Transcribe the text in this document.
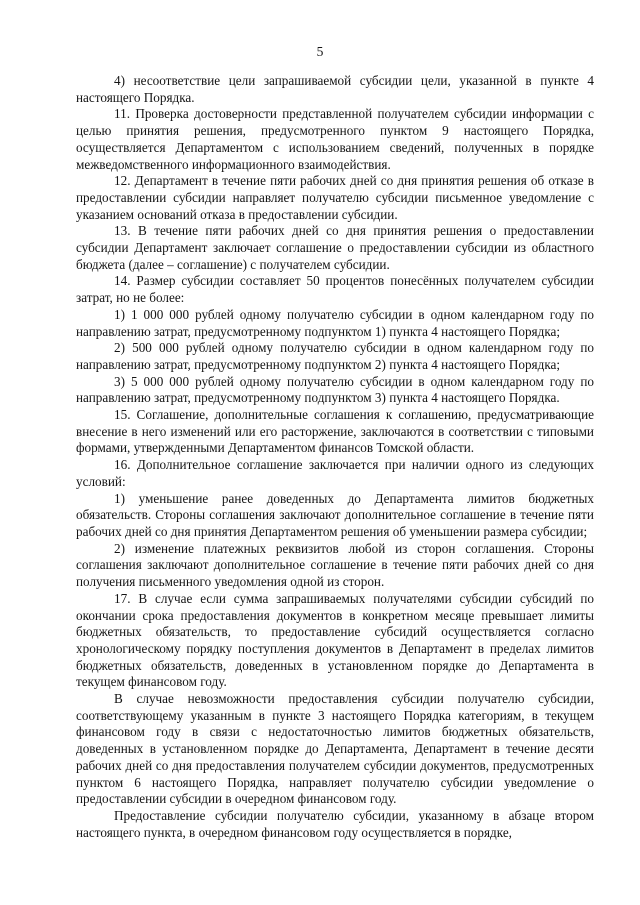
5

4) несоответствие цели запрашиваемой субсидии цели, указанной в пункте 4 настоящего Порядка.

11. Проверка достоверности представленной получателем субсидии информации с целью принятия решения, предусмотренного пунктом 9 настоящего Порядка, осуществляется Департаментом с использованием сведений, полученных в порядке межведомственного информационного взаимодействия.

12. Департамент в течение пяти рабочих дней со дня принятия решения об отказе в предоставлении субсидии направляет получателю субсидии письменное уведомление с указанием оснований отказа в предоставлении субсидии.

13. В течение пяти рабочих дней со дня принятия решения о предоставлении субсидии Департамент заключает соглашение о предоставлении субсидии из областного бюджета (далее – соглашение) с получателем субсидии.

14. Размер субсидии составляет 50 процентов понесённых получателем субсидии затрат, но не более:

1) 1 000 000 рублей одному получателю субсидии в одном календарном году по направлению затрат, предусмотренному подпунктом 1) пункта 4 настоящего Порядка;

2) 500 000 рублей одному получателю субсидии в одном календарном году по направлению затрат, предусмотренному подпунктом 2) пункта 4 настоящего Порядка;

3) 5 000 000 рублей одному получателю субсидии в одном календарном году по направлению затрат, предусмотренному подпунктом 3) пункта 4 настоящего Порядка.

15. Соглашение, дополнительные соглашения к соглашению, предусматривающие внесение в него изменений или его расторжение, заключаются в соответствии с типовыми формами, утвержденными Департаментом финансов Томской области.

16. Дополнительное соглашение заключается при наличии одного из следующих условий:

1) уменьшение ранее доведенных до Департамента лимитов бюджетных обязательств. Стороны соглашения заключают дополнительное соглашение в течение пяти рабочих дней со дня принятия Департаментом решения об уменьшении размера субсидии;

2) изменение платежных реквизитов любой из сторон соглашения. Стороны соглашения заключают дополнительное соглашение в течение пяти рабочих дней со дня получения письменного уведомления одной из сторон.

17. В случае если сумма запрашиваемых получателями субсидии субсидий по окончании срока предоставления документов в конкретном месяце превышает лимиты бюджетных обязательств, то предоставление субсидий осуществляется согласно хронологическому порядку поступления документов в Департамент в пределах лимитов бюджетных обязательств, доведенных в установленном порядке до Департамента в текущем финансовом году.

В случае невозможности предоставления субсидии получателю субсидии, соответствующему указанным в пункте 3 настоящего Порядка категориям, в текущем финансовом году в связи с недостаточностью лимитов бюджетных обязательств, доведенных в установленном порядке до Департамента, Департамент в течение десяти рабочих дней со дня предоставления получателем субсидии документов, предусмотренных пунктом 6 настоящего Порядка, направляет получателю субсидии уведомление о предоставлении субсидии в очередном финансовом году.

Предоставление субсидии получателю субсидии, указанному в абзаце втором настоящего пункта, в очередном финансовом году осуществляется в порядке,
